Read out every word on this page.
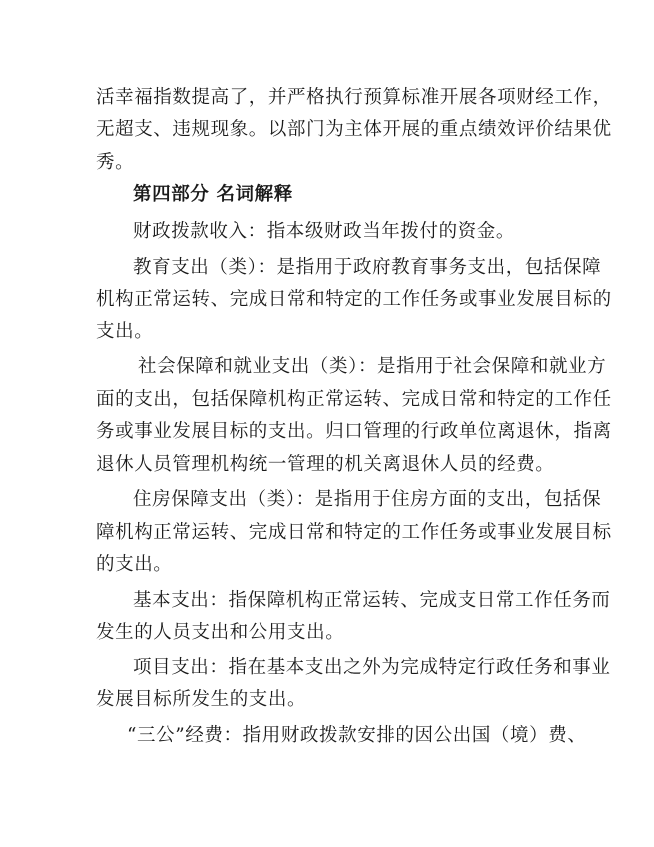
活幸福指数提高了，并严格执行预算标准开展各项财经工作，
无超支、违规现象。以部门为主体开展的重点绩效评价结果优
秀。
第四部分 名词解释
财政拨款收入：指本级财政当年拨付的资金。
教育支出（类）：是指用于政府教育事务支出，包括保障
机构正常运转、完成日常和特定的工作任务或事业发展目标的
支出。
社会保障和就业支出（类）：是指用于社会保障和就业方
面的支出，包括保障机构正常运转、完成日常和特定的工作任
务或事业发展目标的支出。归口管理的行政单位离退休，指离
退休人员管理机构统一管理的机关离退休人员的经费。
住房保障支出（类）：是指用于住房方面的支出，包括保
障机构正常运转、完成日常和特定的工作任务或事业发展目标
的支出。
基本支出：指保障机构正常运转、完成支日常工作任务而
发生的人员支出和公用支出。
项目支出：指在基本支出之外为完成特定行政任务和事业
发展目标所发生的支出。
“三公”经费：指用财政拨款安排的因公出国（境）费、
